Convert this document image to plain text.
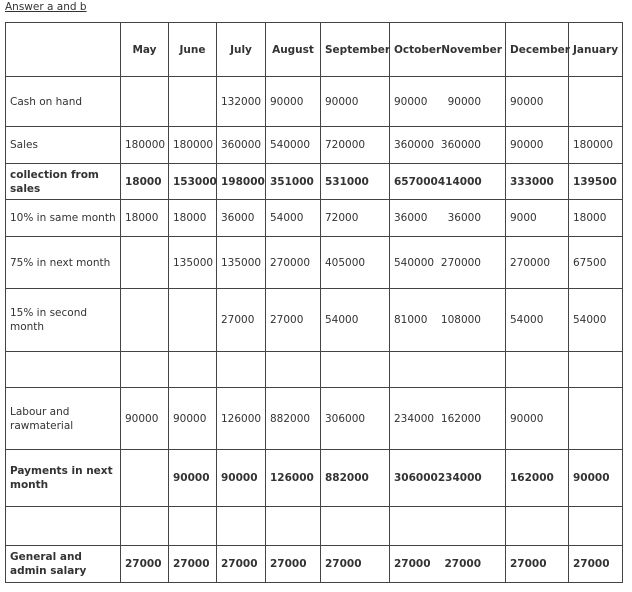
Answer a and b
	May	June	July	August	September	October November	December	January
Cash on hand			132000	90000	90000	90000 90000	90000	
Sales	180000	180000	360000	540000	720000	360000 360000	90000	180000
collection from sales	18000	153000	198000	351000	531000	657000 414000	333000	139500
10% in same month	18000	18000	36000	54000	72000	36000 36000	9000	18000
75% in next month		135000	135000	270000	405000	540000 270000	270000	67500
15% in second month			27000	27000	54000	81000 108000	54000	54000

Labour and rawmaterial	90000	90000	126000	882000	306000	234000 162000	90000	
Payments in next month		90000	90000	126000	882000	306000 234000	162000	90000

General and admin salary	27000	27000	27000	27000	27000	27000 27000	27000	27000
